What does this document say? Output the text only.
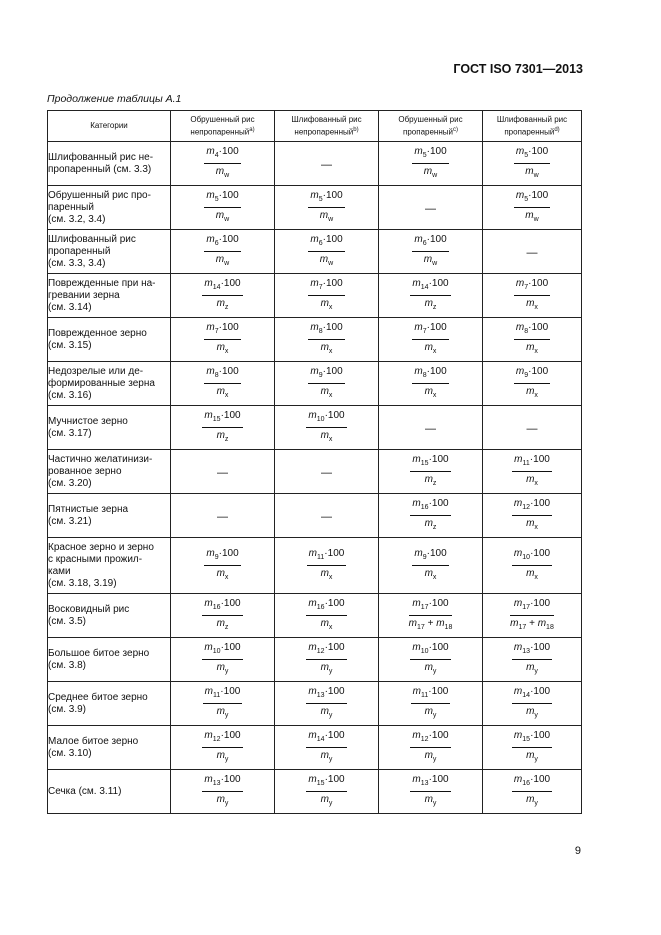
ГОСТ ISO 7301—2013
Продолжение таблицы А.1
Категории	Обрушенный рис непропаренный$^{a)}$	Шлифованный рис непропаренный$^{b)}$	Обрушенный рис пропаренный$^{c)}$	Шлифованный рис пропаренный$^{d)}$
Шлифованный рис не-
пропаренный (см. 3.3)	$\frac{m_4\cdot 100}{m_w}$	—	$\frac{m_5\cdot 100}{m_w}$	$\frac{m_5\cdot 100}{m_w}$

Обрушенный рис про-
паренный
(см. 3.2, 3.4)	$\frac{m_5\cdot 100}{m_w}$	$\frac{m_5\cdot 100}{m_w}$	—	$\frac{m_5\cdot 100}{m_w}$

Шлифованный рис
пропаренный
(см. 3.3, 3.4)	$\frac{m_6\cdot 100}{m_w}$	$\frac{m_6\cdot 100}{m_w}$	$\frac{m_6\cdot 100}{m_w}$	—
Поврежденные при на-
гревании зерна
(см. 3.14)	$\frac{m_{14}\cdot 100}{m_z}$	$\frac{m_7\cdot 100}{m_x}$	$\frac{m_{14}\cdot 100}{m_z}$	$\frac{m_7\cdot 100}{m_x}$

Поврежденное зерно
(см. 3.15)	$\frac{m_7\cdot 100}{m_x}$	$\frac{m_8\cdot 100}{m_x}$	$\frac{m_7\cdot 100}{m_x}$	$\frac{m_8\cdot 100}{m_x}$

Недозрелые или де-
формированные зерна
(см. 3.16)	$\frac{m_8\cdot 100}{m_x}$	$\frac{m_9\cdot 100}{m_x}$	$\frac{m_8\cdot 100}{m_x}$	$\frac{m_9\cdot 100}{m_x}$

Мучнистое зерно
(см. 3.17)	$\frac{m_{15}\cdot 100}{m_z}$	$\frac{m_{10}\cdot 100}{m_x}$	—	—
Частично желатинизи-
рованное зерно
(см. 3.20)	—	—	$\frac{m_{15}\cdot 100}{m_z}$	$\frac{m_{11}\cdot 100}{m_x}$

Пятнистые зерна
(см. 3.21)	—	—	$\frac{m_{16}\cdot 100}{m_z}$	$\frac{m_{12}\cdot 100}{m_x}$

Красное зерно и зерно
с красными прожил-
ками
(см. 3.18, 3.19)	$\frac{m_9\cdot 100}{m_x}$	$\frac{m_{11}\cdot 100}{m_x}$	$\frac{m_9\cdot 100}{m_x}$	$\frac{m_{10}\cdot 100}{m_x}$

Восковидный рис
(см. 3.5)	$\frac{m_{16}\cdot 100}{m_z}$	$\frac{m_{16}\cdot 100}{m_x}$	$\frac{m_{17}\cdot 100}{m_{17} + m_{18}}$	$\frac{m_{17}\cdot 100}{m_{17} + m_{18}}$

Большое битое зерно
(см. 3.8)	$\frac{m_{10}\cdot 100}{m_y}$	$\frac{m_{12}\cdot 100}{m_y}$	$\frac{m_{10}\cdot 100}{m_y}$	$\frac{m_{13}\cdot 100}{m_y}$

Среднее битое зерно
(см. 3.9)	$\frac{m_{11}\cdot 100}{m_y}$	$\frac{m_{13}\cdot 100}{m_y}$	$\frac{m_{11}\cdot 100}{m_y}$	$\frac{m_{14}\cdot 100}{m_y}$

Малое битое зерно
(см. 3.10)	$\frac{m_{12}\cdot 100}{m_y}$	$\frac{m_{14}\cdot 100}{m_y}$	$\frac{m_{12}\cdot 100}{m_y}$	$\frac{m_{15}\cdot 100}{m_y}$

Сечка (см. 3.11)	$\frac{m_{13}\cdot 100}{m_y}$	$\frac{m_{15}\cdot 100}{m_y}$	$\frac{m_{13}\cdot 100}{m_y}$	$\frac{m_{16}\cdot 100}{m_y}$
9
